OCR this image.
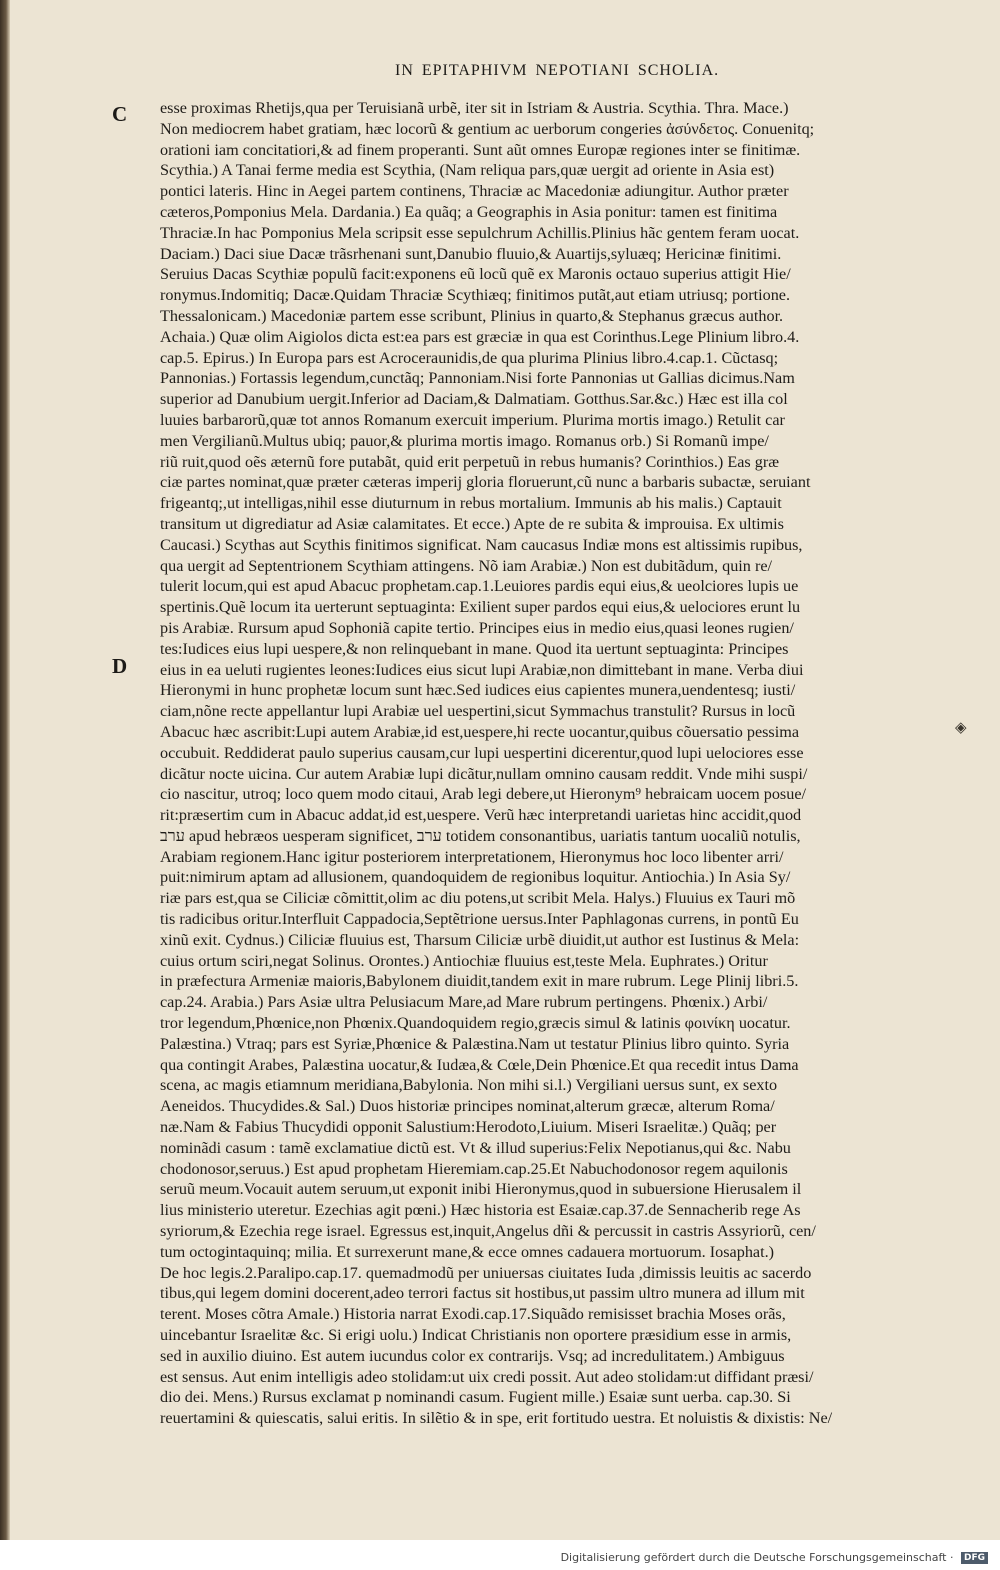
IN EPITAPHIVM NEPOTIANI SCHOLIA.
C
D
◈
esse proximas Rhetijs,qua per Teruisianã urbẽ, iter sit in Istriam & Austria. Scythia. Thra. Mace.)
Non mediocrem habet gratiam, hæc locorũ & gentium ac uerborum congeries ἀσύνδετος. Conuenitq;
orationi iam concitatiori,& ad finem properanti. Sunt aũt omnes Europæ regiones inter se finitimæ.
Scythia.) A Tanai ferme media est Scythia, (Nam reliqua pars,quæ uergit ad oriente in Asia est)
pontici lateris. Hinc in Aegei partem continens, Thraciæ ac Macedoniæ adiungitur. Author præter
cæteros,Pomponius Mela. Dardania.) Ea quãq; a Geographis in Asia ponitur: tamen est finitima
Thraciæ.In hac Pomponius Mela scripsit esse sepulchrum Achillis.Plinius hãc gentem feram uocat.
Daciam.) Daci siue Dacæ trãsrhenani sunt,Danubio fluuio,& Auartijs,syluæq; Hericinæ finitimi.
Seruius Dacas Scythiæ populũ facit:exponens eũ locũ quẽ ex Maronis octauo superius attigit Hie/
ronymus.Indomitiq; Dacæ.Quidam Thraciæ Scythiæq; finitimos putãt,aut etiam utriusq; portione.
Thessalonicam.) Macedoniæ partem esse scribunt, Plinius in quarto,& Stephanus græcus author.
Achaia.) Quæ olim Aigiolos dicta est:ea pars est græciæ in qua est Corinthus.Lege Plinium libro.4.
cap.5. Epirus.) In Europa pars est Acroceraunidis,de qua plurima Plinius libro.4.cap.1. Cũctasq;
Pannonias.) Fortassis legendum,cunctãq; Pannoniam.Nisi forte Pannonias ut Gallias dicimus.Nam
superior ad Danubium uergit.Inferior ad Daciam,& Dalmatiam. Gotthus.Sar.&c.) Hæc est illa col
luuies barbarorũ,quæ tot annos Romanum exercuit imperium. Plurima mortis imago.) Retulit car
men Vergilianũ.Multus ubiq; pauor,& plurima mortis imago. Romanus orb.) Si Romanũ impe/
riũ ruit,quod oẽs æternũ fore putabãt, quid erit perpetuũ in rebus humanis? Corinthios.) Eas græ
ciæ partes nominat,quæ præter cæteras imperij gloria floruerunt,cũ nunc a barbaris subactæ, seruiant
frigeantq;,ut intelligas,nihil esse diuturnum in rebus mortalium. Immunis ab his malis.) Captauit
transitum ut digrediatur ad Asiæ calamitates. Et ecce.) Apte de re subita & improuisa. Ex ultimis
Caucasi.) Scythas aut Scythis finitimos significat. Nam caucasus Indiæ mons est altissimis rupibus,
qua uergit ad Septentrionem Scythiam attingens. Nõ iam Arabiæ.) Non est dubitãdum, quin re/
tulerit locum,qui est apud Abacuc prophetam.cap.1.Leuiores pardis equi eius,& ueolciores lupis ue
spertinis.Quẽ locum ita uerterunt septuaginta: Exilient super pardos equi eius,& uelociores erunt lu
pis Arabiæ. Rursum apud Sophoniã capite tertio. Principes eius in medio eius,quasi leones rugien/
tes:Iudices eius lupi uespere,& non relinquebant in mane. Quod ita uertunt septuaginta: Principes
eius in ea ueluti rugientes leones:Iudices eius sicut lupi Arabiæ,non dimittebant in mane. Verba diui
Hieronymi in hunc prophetæ locum sunt hæc.Sed iudices eius capientes munera,uendentesq; iusti/
ciam,nõne recte appellantur lupi Arabiæ uel uespertini,sicut Symmachus transtulit? Rursus in locũ
Abacuc hæc ascribit:Lupi autem Arabiæ,id est,uespere,hi recte uocantur,quibus cõuersatio pessima
occubuit. Reddiderat paulo superius causam,cur lupi uespertini dicerentur,quod lupi uelociores esse
dicãtur nocte uicina. Cur autem Arabiæ lupi dicãtur,nullam omnino causam reddit. Vnde mihi suspi/
cio nascitur, utroq; loco quem modo citaui, Arab legi debere,ut Hieronym⁹ hebraicam uocem posue/
rit:præsertim cum in Abacuc addat,id est,uespere. Verũ hæc interpretandi uarietas hinc accidit,quod
ערב apud hebræos uesperam significet, ערב totidem consonantibus, uariatis tantum uocaliũ notulis,
Arabiam regionem.Hanc igitur posteriorem interpretationem, Hieronymus hoc loco libenter arri/
puit:nimirum aptam ad allusionem, quandoquidem de regionibus loquitur. Antiochia.) In Asia Sy/
riæ pars est,qua se Ciliciæ cõmittit,olim ac diu potens,ut scribit Mela. Halys.) Fluuius ex Tauri mõ
tis radicibus oritur.Interfluit Cappadocia,Septẽtrione uersus.Inter Paphlagonas currens, in pontũ Eu
xinũ exit. Cydnus.) Ciliciæ fluuius est, Tharsum Ciliciæ urbẽ diuidit,ut author est Iustinus & Mela:
cuius ortum sciri,negat Solinus. Orontes.) Antiochiæ fluuius est,teste Mela. Euphrates.) Oritur
in præfectura Armeniæ maioris,Babylonem diuidit,tandem exit in mare rubrum. Lege Plinij libri.5.
cap.24. Arabia.) Pars Asiæ ultra Pelusiacum Mare,ad Mare rubrum pertingens. Phœnix.) Arbi/
tror legendum,Phœnice,non Phœnix.Quandoquidem regio,græcis simul & latinis φοινίκη uocatur.
Palæstina.) Vtraq; pars est Syriæ,Phœnice & Palæstina.Nam ut testatur Plinius libro quinto. Syria
qua contingit Arabes, Palæstina uocatur,& Iudæa,& Cœle,Dein Phœnice.Et qua recedit intus Dama
scena, ac magis etiamnum meridiana,Babylonia. Non mihi si.l.) Vergiliani uersus sunt, ex sexto
Aeneidos. Thucydides.& Sal.) Duos historiæ principes nominat,alterum græcæ, alterum Roma/
næ.Nam & Fabius Thucydidi opponit Salustium:Herodoto,Liuium. Miseri Israelitæ.) Quãq; per
nominãdi casum : tamẽ exclamatiue dictũ est. Vt & illud superius:Felix Nepotianus,qui &c. Nabu
chodonosor,seruus.) Est apud prophetam Hieremiam.cap.25.Et Nabuchodonosor regem aquilonis
seruũ meum.Vocauit autem seruum,ut exponit inibi Hieronymus,quod in subuersione Hierusalem il
lius ministerio uteretur. Ezechias agit pœni.) Hæc historia est Esaiæ.cap.37.de Sennacherib rege As
syriorum,& Ezechia rege israel. Egressus est,inquit,Angelus dñi & percussit in castris Assyriorũ, cen/
tum octogintaquinq; milia. Et surrexerunt mane,& ecce omnes cadauera mortuorum. Iosaphat.)
De hoc legis.2.Paralipo.cap.17. quemadmodũ per uniuersas ciuitates Iuda ,dimissis leuitis ac sacerdo
tibus,qui legem domini docerent,adeo terrori factus sit hostibus,ut passim ultro munera ad illum mit
terent. Moses cõtra Amale.) Historia narrat Exodi.cap.17.Siquãdo remisisset brachia Moses orãs,
uincebantur Israelitæ &c. Si erigi uolu.) Indicat Christianis non oportere præsidium esse in armis,
sed in auxilio diuino. Est autem iucundus color ex contrarijs. Vsq; ad incredulitatem.) Ambiguus
est sensus. Aut enim intelligis adeo stolidam:ut uix credi possit. Aut adeo stolidam:ut diffidant præsi/
dio dei. Mens.) Rursus exclamat p nominandi casum. Fugient mille.) Esaiæ sunt uerba. cap.30. Si
reuertamini & quiescatis, salui eritis. In silẽtio & in spe, erit fortitudo uestra. Et noluistis & dixistis: Ne/
Digitalisierung gefördert durch die Deutsche Forschungsgemeinschaft · DFG
